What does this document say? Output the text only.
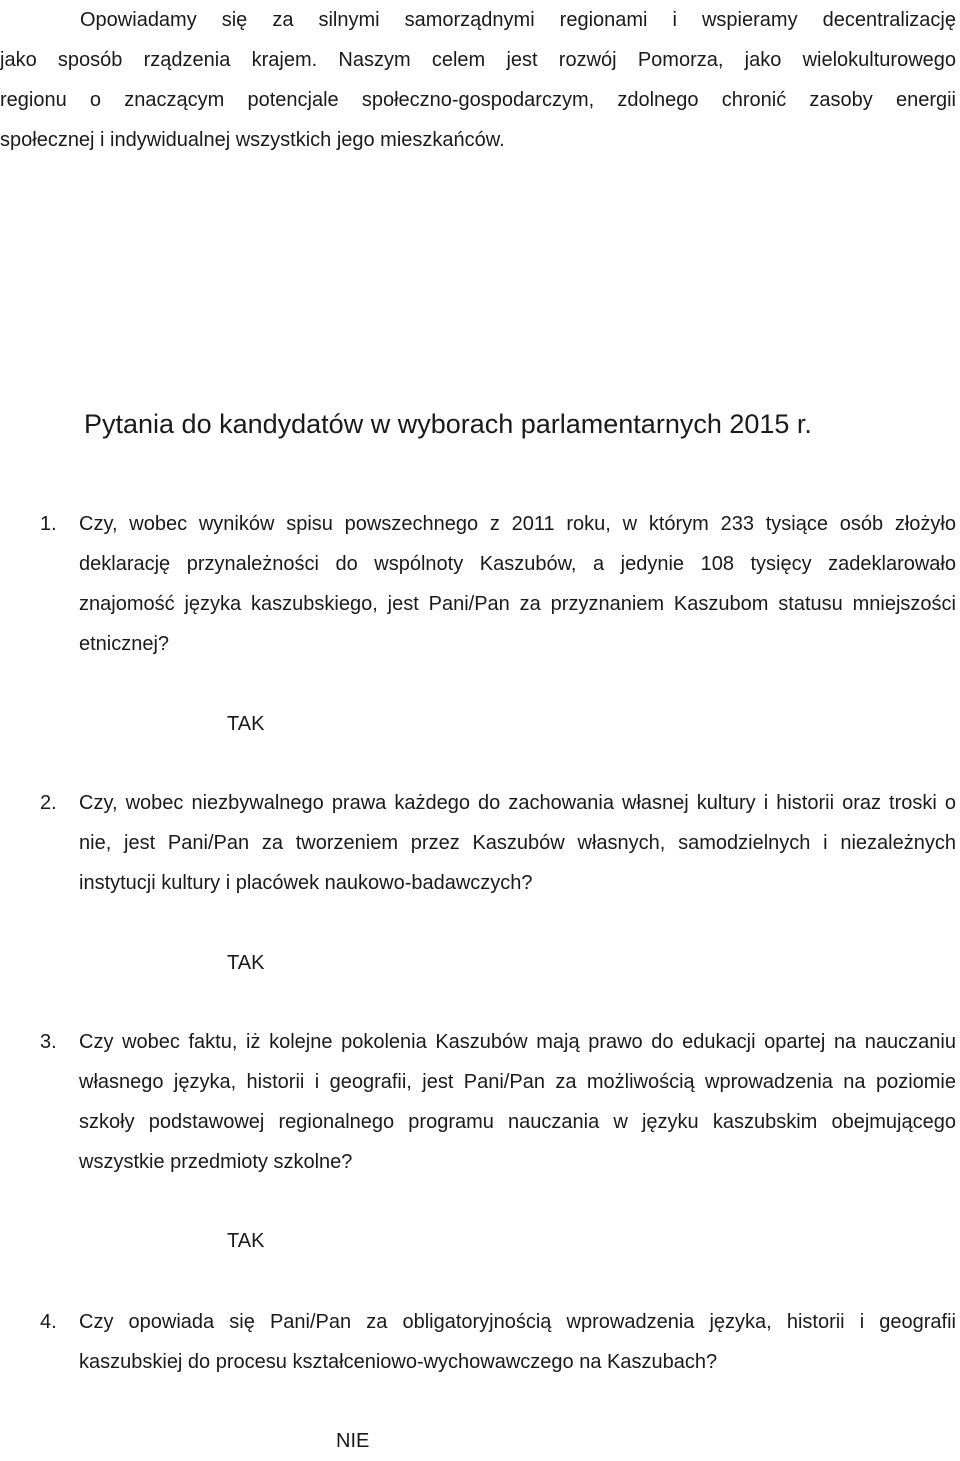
Opowiadamy się za silnymi samorządnymi regionami i wspieramy decentralizację
jako sposób rządzenia krajem. Naszym celem jest rozwój Pomorza, jako wielokulturowego
regionu o znaczącym potencjale społeczno-gospodarczym, zdolnego chronić zasoby energii
społecznej i indywidualnej wszystkich jego mieszkańców.
Pytania do kandydatów w wyborach parlamentarnych 2015 r.
1. Czy, wobec wyników spisu powszechnego z 2011 roku, w którym 233 tysiące osób złożyło deklarację przynależności do wspólnoty Kaszubów, a jedynie 108 tysięcy zadeklarowało znajomość języka kaszubskiego, jest Pani/Pan za przyznaniem Kaszubom statusu mniejszości etnicznej?
TAK
2. Czy, wobec niezbywalnego prawa każdego do zachowania własnej kultury i historii oraz troski o nie, jest Pani/Pan za tworzeniem przez Kaszubów własnych, samodzielnych i niezależnych instytucji kultury i placówek naukowo-badawczych?
TAK
3. Czy wobec faktu, iż kolejne pokolenia Kaszubów mają prawo do edukacji opartej na nauczaniu własnego języka, historii i geografii, jest Pani/Pan za możliwością wprowadzenia na poziomie szkoły podstawowej regionalnego programu nauczania w języku kaszubskim obejmującego wszystkie przedmioty szkolne?
TAK
4. Czy opowiada się Pani/Pan za obligatoryjnością wprowadzenia języka, historii i geografii kaszubskiej do procesu kształceniowo-wychowawczego na Kaszubach?
NIE
